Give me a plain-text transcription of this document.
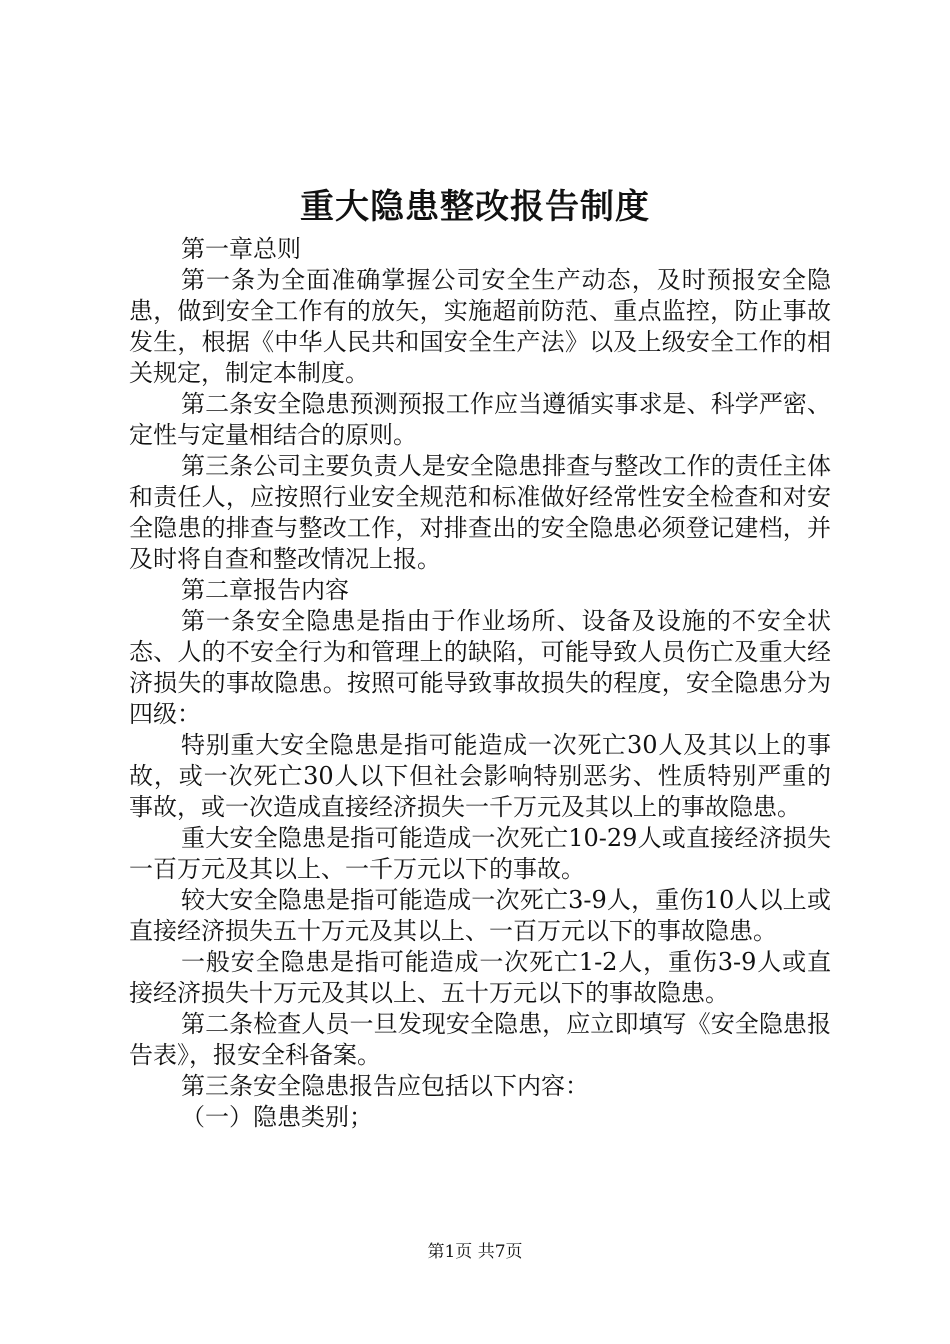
重大隐患整改报告制度

第一章总则

第一条为全面准确掌握公司安全生产动态，及时预报安全隐患，做到安全工作有的放矢，实施超前防范、重点监控，防止事故发生，根据《中华人民共和国安全生产法》以及上级安全工作的相关规定，制定本制度。

第二条安全隐患预测预报工作应当遵循实事求是、科学严密、定性与定量相结合的原则。

第三条公司主要负责人是安全隐患排查与整改工作的责任主体和责任人，应按照行业安全规范和标准做好经常性安全检查和对安全隐患的排查与整改工作，对排查出的安全隐患必须登记建档，并及时将自查和整改情况上报。

第二章报告内容

第一条安全隐患是指由于作业场所、设备及设施的不安全状态、人的不安全行为和管理上的缺陷，可能导致人员伤亡及重大经济损失的事故隐患。按照可能导致事故损失的程度，安全隐患分为四级：

特别重大安全隐患是指可能造成一次死亡30人及其以上的事故，或一次死亡30人以下但社会影响特别恶劣、性质特别严重的事故，或一次造成直接经济损失一千万元及其以上的事故隐患。

重大安全隐患是指可能造成一次死亡10-29人或直接经济损失一百万元及其以上、一千万元以下的事故。

较大安全隐患是指可能造成一次死亡3-9人，重伤10人以上或直接经济损失五十万元及其以上、一百万元以下的事故隐患。

一般安全隐患是指可能造成一次死亡1-2人，重伤3-9人或直接经济损失十万元及其以上、五十万元以下的事故隐患。

第二条检查人员一旦发现安全隐患，应立即填写《安全隐患报告表》，报安全科备案。

第三条安全隐患报告应包括以下内容：

（一）隐患类别；

第1页 共7页
